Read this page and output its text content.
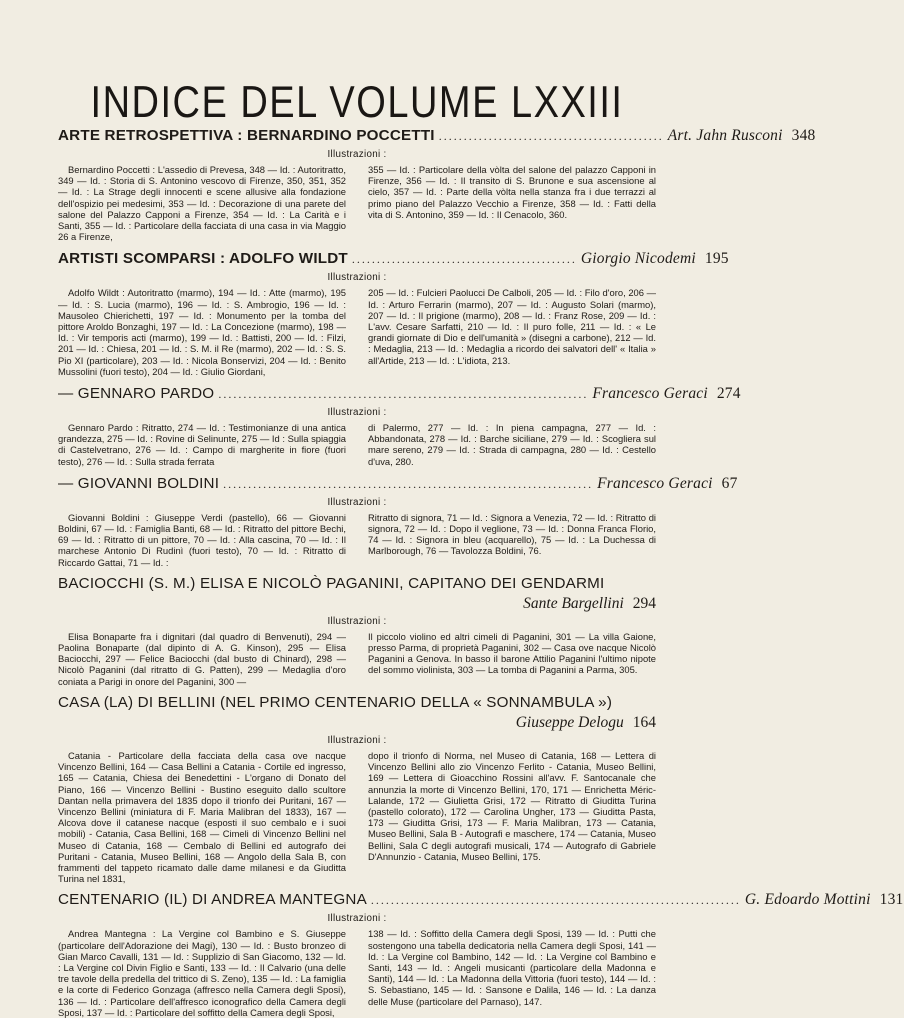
INDICE DEL VOLUME LXXIII
ARTE RETROSPETTIVA : BERNARDINO POCCETTI ............................................. Art. Jahn Rusconi 348
Illustrazioni :
Bernardino Poccetti : L'assedio di Prevesa, 348 — Id. : Autoritratto, 349 — Id. : Storia di S. Antonino vescovo di Firenze, 350, 351, 352 — Id. : La Strage degli innocenti e scene allusive alla fondazione dell'ospizio pei medesimi, 353 — Id. : Decorazione di una parete del salone del Palazzo Capponi a Firenze, 354 — Id. : La Carità e i Santi, 355 — Id. : Particolare della facciata di una casa in via Maggio 26 a Firenze,
355 — Id. : Particolare della vòlta del salone del palazzo Capponi in Firenze, 356 — Id. : Il transito di S. Brunone e sua ascensione al cielo, 357 — Id. : Parte della vòlta nella stanza fra i due terrazzi al primo piano del Palazzo Vecchio a Firenze, 358 — Id. : Fatti della vita di S. Antonino, 359 — Id. : Il Cenacolo, 360.
ARTISTI SCOMPARSI : ADOLFO WILDT ............................................. Giorgio Nicodemi 195
Illustrazioni :
Adolfo Wildt : Autoritratto (marmo), 194 — Id. : Atte (marmo), 195 — Id. : S. Lucia (marmo), 196 — Id. : S. Ambrogio, 196 — Id. : Mausoleo Chierichetti, 197 — Id. : Monumento per la tomba del pittore Aroldo Bonzaghi, 197 — Id. : La Concezione (marmo), 198 — Id. : Vir temporis acti (marmo), 199 — Id. : Battisti, 200 — Id. : Filzi, 201 — Id. : Chiesa, 201 — Id. : S. M. il Re (marmo), 202 — Id. : S. S. Pio XI (particolare), 203 — Id. : Nicola Bonservizi, 204 — Id. : Benito Mussolini (fuori testo), 204 — Id. : Giulio Giordani,
205 — Id. : Fulcieri Paolucci De Calboli, 205 — Id. : Filo d'oro, 206 — Id. : Arturo Ferrarin (marmo), 207 — Id. : Augusto Solari (marmo), 207 — Id. : Il prigione (marmo), 208 — Id. : Franz Rose, 209 — Id. : L'avv. Cesare Sarfatti, 210 — Id. : Il puro folle, 211 — Id. : « Le grandi giornate di Dio e dell'umanità » (disegni a carbone), 212 — Id. : Medaglia, 213 — Id. : Medaglia a ricordo dei salvatori dell' « Italia » all'Artide, 213 — Id. : L'idiota, 213.
— GENNARO PARDO .......................................................................... Francesco Geraci 274
Illustrazioni :
Gennaro Pardo : Ritratto, 274 — Id. : Testimonianze di una antica grandezza, 275 — Id. : Rovine di Selinunte, 275 — Id : Sulla spiaggia di Castelvetrano, 276 — Id. : Campo di margherite in fiore (fuori testo), 276 — Id. : Sulla strada ferrata
di Palermo, 277 — Id. : In piena campagna, 277 — Id. : Abbandonata, 278 — Id. : Barche siciliane, 279 — Id. : Scogliera sul mare sereno, 279 — Id. : Strada di campagna, 280 — Id. : Cestello d'uva, 280.
— GIOVANNI BOLDINI .......................................................................... Francesco Geraci 67
Illustrazioni :
Giovanni Boldini : Giuseppe Verdi (pastello), 66 — Giovanni Boldini, 67 — Id. : Famiglia Banti, 68 — Id. : Ritratto del pittore Bechi, 69 — Id. : Ritratto di un pittore, 70 — Id. : Alla cascina, 70 — Id. : Il marchese Antonio Di Rudinì (fuori testo), 70 — Id. : Ritratto di Riccardo Gattai, 71 — Id. :
Ritratto di signora, 71 — Id. : Signora a Venezia, 72 — Id. : Ritratto di signora, 72 — Id. : Dopo il veglione, 73 — Id. : Donna Franca Florio, 74 — Id. : Signora in bleu (acquarello), 75 — Id. : La Duchessa di Marlborough, 76 — Tavolozza Boldini, 76.
BACIOCCHI (S. M.) ELISA E NICOLÒ PAGANINI, CAPITANO DEI GENDARMI
Sante Bargellini 294
Illustrazioni :
Elisa Bonaparte fra i dignitari (dal quadro di Benvenuti), 294 — Paolina Bonaparte (dal dipinto di A. G. Kinson), 295 — Elisa Baciocchi, 297 — Felice Baciocchi (dal busto di Chinard), 298 — Nicolò Paganini (dal ritratto di G. Patten), 299 — Medaglia d'oro coniata a Parigi in onore del Paganini, 300 —
Il piccolo violino ed altri cimeli di Paganini, 301 — La villa Gaione, presso Parma, di proprietà Paganini, 302 — Casa ove nacque Nicolò Paganini a Genova. In basso il barone Attilio Paganini l'ultimo nipote del sommo violinista, 303 — La tomba di Paganini a Parma, 305.
CASA (LA) DI BELLINI (NEL PRIMO CENTENARIO DELLA « SONNAMBULA »)
Giuseppe Delogu 164
Illustrazioni :
Catania - Particolare della facciata della casa ove nacque Vincenzo Bellini, 164 — Casa Bellini a Catania - Cortile ed ingresso, 165 — Catania, Chiesa dei Benedettini - L'organo di Donato del Piano, 166 — Vincenzo Bellini - Bustino eseguito dallo scultore Dantan nella primavera del 1835 dopo il trionfo dei Puritani, 167 — Vincenzo Bellini (miniatura di F. Maria Malibran del 1833), 167 — Alcova dove il catanese nacque (esposti il suo cembalo e i suoi mobili) - Catania, Casa Bellini, 168 — Cimeli di Vincenzo Bellini nel Museo di Catania, 168 — Cembalo di Bellini ed autografo dei Puritani - Catania, Museo Bellini, 168 — Angolo della Sala B, con frammenti del tappeto ricamato dalle dame milanesi e da Giuditta Turina nel 1831,
dopo il trionfo di Norma, nel Museo di Catania, 168 — Lettera di Vincenzo Bellini allo zio Vincenzo Ferlito - Catania, Museo Bellini, 169 — Lettera di Gioacchino Rossini all'avv. F. Santocanale che annunzia la morte di Vincenzo Bellini, 170, 171 — Enrichetta Méric-Lalande, 172 — Giulietta Grisi, 172 — Ritratto di Giuditta Turina (pastello colorato), 172 — Carolina Ungher, 173 — Giuditta Pasta, 173 — Giuditta Grisi, 173 — F. Maria Malibran, 173 — Catania, Museo Bellini, Sala B - Autografi e maschere, 174 — Catania, Museo Bellini, Sala C degli autografi musicali, 174 — Autografo di Gabriele D'Annunzio - Catania, Museo Bellini, 175.
CENTENARIO (IL) DI ANDREA MANTEGNA .......................................................................... G. Edoardo Mottini 131
Illustrazioni :
Andrea Mantegna : La Vergine col Bambino e S. Giuseppe (particolare dell'Adorazione dei Magi), 130 — Id. : Busto bronzeo di Gian Marco Cavalli, 131 — Id. : Supplizio di San Giacomo, 132 — Id. : La Vergine col Divin Figlio e Santi, 133 — Id. : Il Calvario (una delle tre tavole della predella del trittico di S. Zeno), 135 — Id. : La famiglia e la corte di Federico Gonzaga (affresco nella Camera degli Sposi), 136 — Id. : Particolare dell'affresco iconografico della Camera degli Sposi, 137 — Id. : Particolare del soffitto della Camera degli Sposi,
138 — Id. : Soffitto della Camera degli Sposi, 139 — Id. : Putti che sostengono una tabella dedicatoria nella Camera degli Sposi, 141 — Id. : La Vergine col Bambino, 142 — Id. : La Vergine col Bambino e Santi, 143 — Id. : Angeli musicanti (particolare della Madonna e Santi), 144 — Id. : La Madonna della Vittoria (fuori testo), 144 — Id. : S. Sebastiano, 145 — Id. : Sansone e Dalila, 146 — Id. : La danza delle Muse (particolare del Parnaso), 147.
